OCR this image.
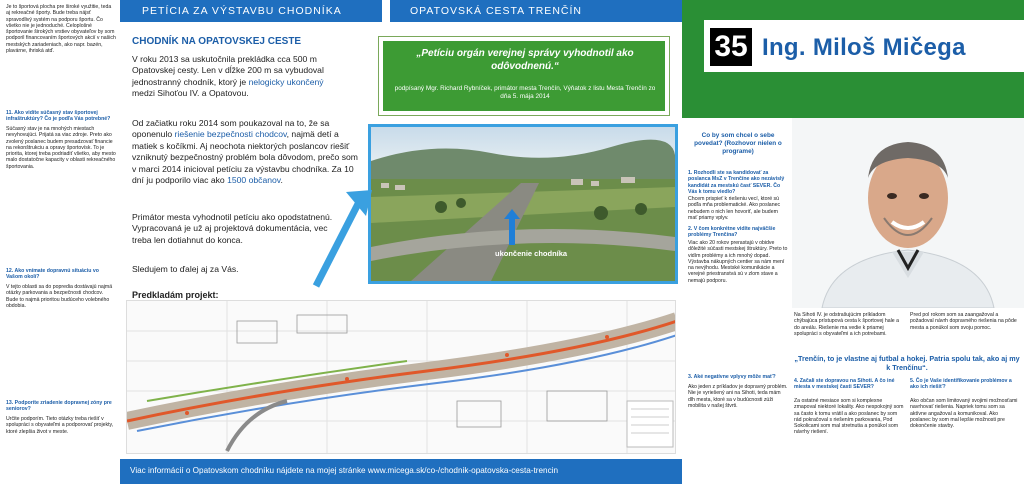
Je to športová plocha pre široké využitie, teda aj rekreačné športy. Bude treba nájsť spravodlivý systém na podporu športu. Čo všetko nie je jednoduché. Celoplošné športovanie širokých vrstiev obyvateľov by som podporil financovaním športových akcií v našich mestských zariadeniach, ako napr. bazén, plavárne, ihriská atď.
11. Ako vidíte súčasný stav športovej infraštruktúry? Čo je podľa Vás potrebné?
Súčasný stav je na mnohých miestach nevyhovujúci. Prijatá sa viac zdroje. Preto ako zvolený poslanec budem presadzovať financie na rekonštrukciu a opravy športovísk. To je priorita, ktorej treba podriadiť všetko, aby mesto malo dostatočne kapacity v oblasti rekreačného športovania.
12. Ako vnímate dopravnú situáciu vo Vašom okolí?
V tejto oblasti sa do popredia dostávajú najmä otázky parkovania a bezpečnosti chodcov. Bude to najmä prioritou budúceho volebného obdobia.
13. Podporíte zriadenie dopravnej zóny pre seniorov?
Určite podporím. Tieto otázky treba riešiť v spolupráci s obyvateľmi a podporovať projekty, ktoré zlepšia život v meste.
PETÍCIA ZA VÝSTAVBU CHODNÍKA	OPATOVSKÁ CESTA TRENČÍN
CHODNÍK NA OPATOVSKEJ CESTE
V roku 2013 sa uskutočnila prekládka cca 500 m Opatovskej cesty. Len v dĺžke 200 m sa vybudoval jednostranný chodník, ktorý je nelogicky ukončený medzi Sihoťou IV. a Opatovou.
Od začiatku roku 2014 som poukazoval na to, že sa oponenulo riešenie bezpečnosti chodcov, najmä detí a matiek s kočíkmi. Aj neochota niektorých poslancov riešiť vzniknutý bezpečnostný problém bola dôvodom, prečo som v marci 2014 inicioval petíciu za výstavbu chodníka. Za 10 dní ju podporilo viac ako 1500 občanov.
Primátor mesta vyhodnotil petíciu ako opodstatnenú. Vypracovaná je už aj projektová dokumentácia, vec treba len dotiahnut do konca.
Sledujem to ďalej aj za Vás.
„Petíciu orgán verejnej správy vyhodnotil ako odôvodnenú.“
podpísaný Mgr. Richard Rybníček, primátor mesta Trenčín, Výňatok z listu Mesta Trenčín zo dňa 5. mája 2014
ukončenie chodníka
Predkladám projekt:
Viac informácií o Opatovskom chodníku nájdete na mojej stránke www.micega.sk/co-/chodnik-opatovska-cesta-trencin
35 Ing. Miloš Mičega
Co by som chcel o sebe povedat? (Rozhovor nielen o programe)
1. Rozhodli ste sa kandidovať za poslanca MsZ v Trenčíne ako nezávislý kandidát za mestskú časť SEVER. Čo Vás k tomu viedlo?
Chcem prispieť k riešeniu vecí, ktoré sú podľa mňa problematické. Ako poslanec nebudem o nich len hovoriť, ale budem mať priamy vplyv.
2. V čom konkrétne vidíte najväčšie problémy Trenčína?
Viac ako 20 rokov prerastajú v obidve dôležité súčasti mestskej štruktúry. Preto to vidím problémy a ich mnohý dopad. Výstavba nákupných centier sa nám mení na nevýhodu. Mestské komunikácie a verejné priestranstvá sú v zlom stave a nemajú podporu.
3. Aké negatívne vplyvy môže mať?
Ako jeden z príkladov je dopravný problém. Nie je vyriešený ani na Sihoti, teda mám dlh mesta, ktoré sa v budúcnosti zúži mobilita v našej štvrti.
4. Začali ste dopravou na Sihoti. A čo iné miesta v mestskej časti SEVER?
Za ostatné mesiace som si komplexne zmapoval niektoré lokality. Ako nespokojný som sa často k tomu vrátil a ako poslanec by som rád pokračoval s riešením parkovania, Pod Sokolicami som mal stretnutia a ponúkol som návrhy riešení.
Na Sihoti IV. je odstrašujúcim príkladom chýbajúca prístupová cesta k športovej hale a do areálu. Riešenie ma vedie k priamej spolupráci s obyvateľmi a ich potrebami.
Pred pol rokom som sa zaangažoval a požadoval návrh dopravného riešenia na pôde mesta a ponúkol som svoju pomoc.
„Trenčín, to je vlastne aj futbal a hokej. Patria spolu tak, ako aj my k Trenčínu“.
5. Čo je Vaše identifikovanie problémov a ako ich riešiť?
Ako občan som limitovaný svojimi možnosťami navrhovať riešenia. Napriek tomu som sa aktívne angažoval a komunikoval. Ako poslanec by som mal lepšie možnosti pre dokončenie stavby.
